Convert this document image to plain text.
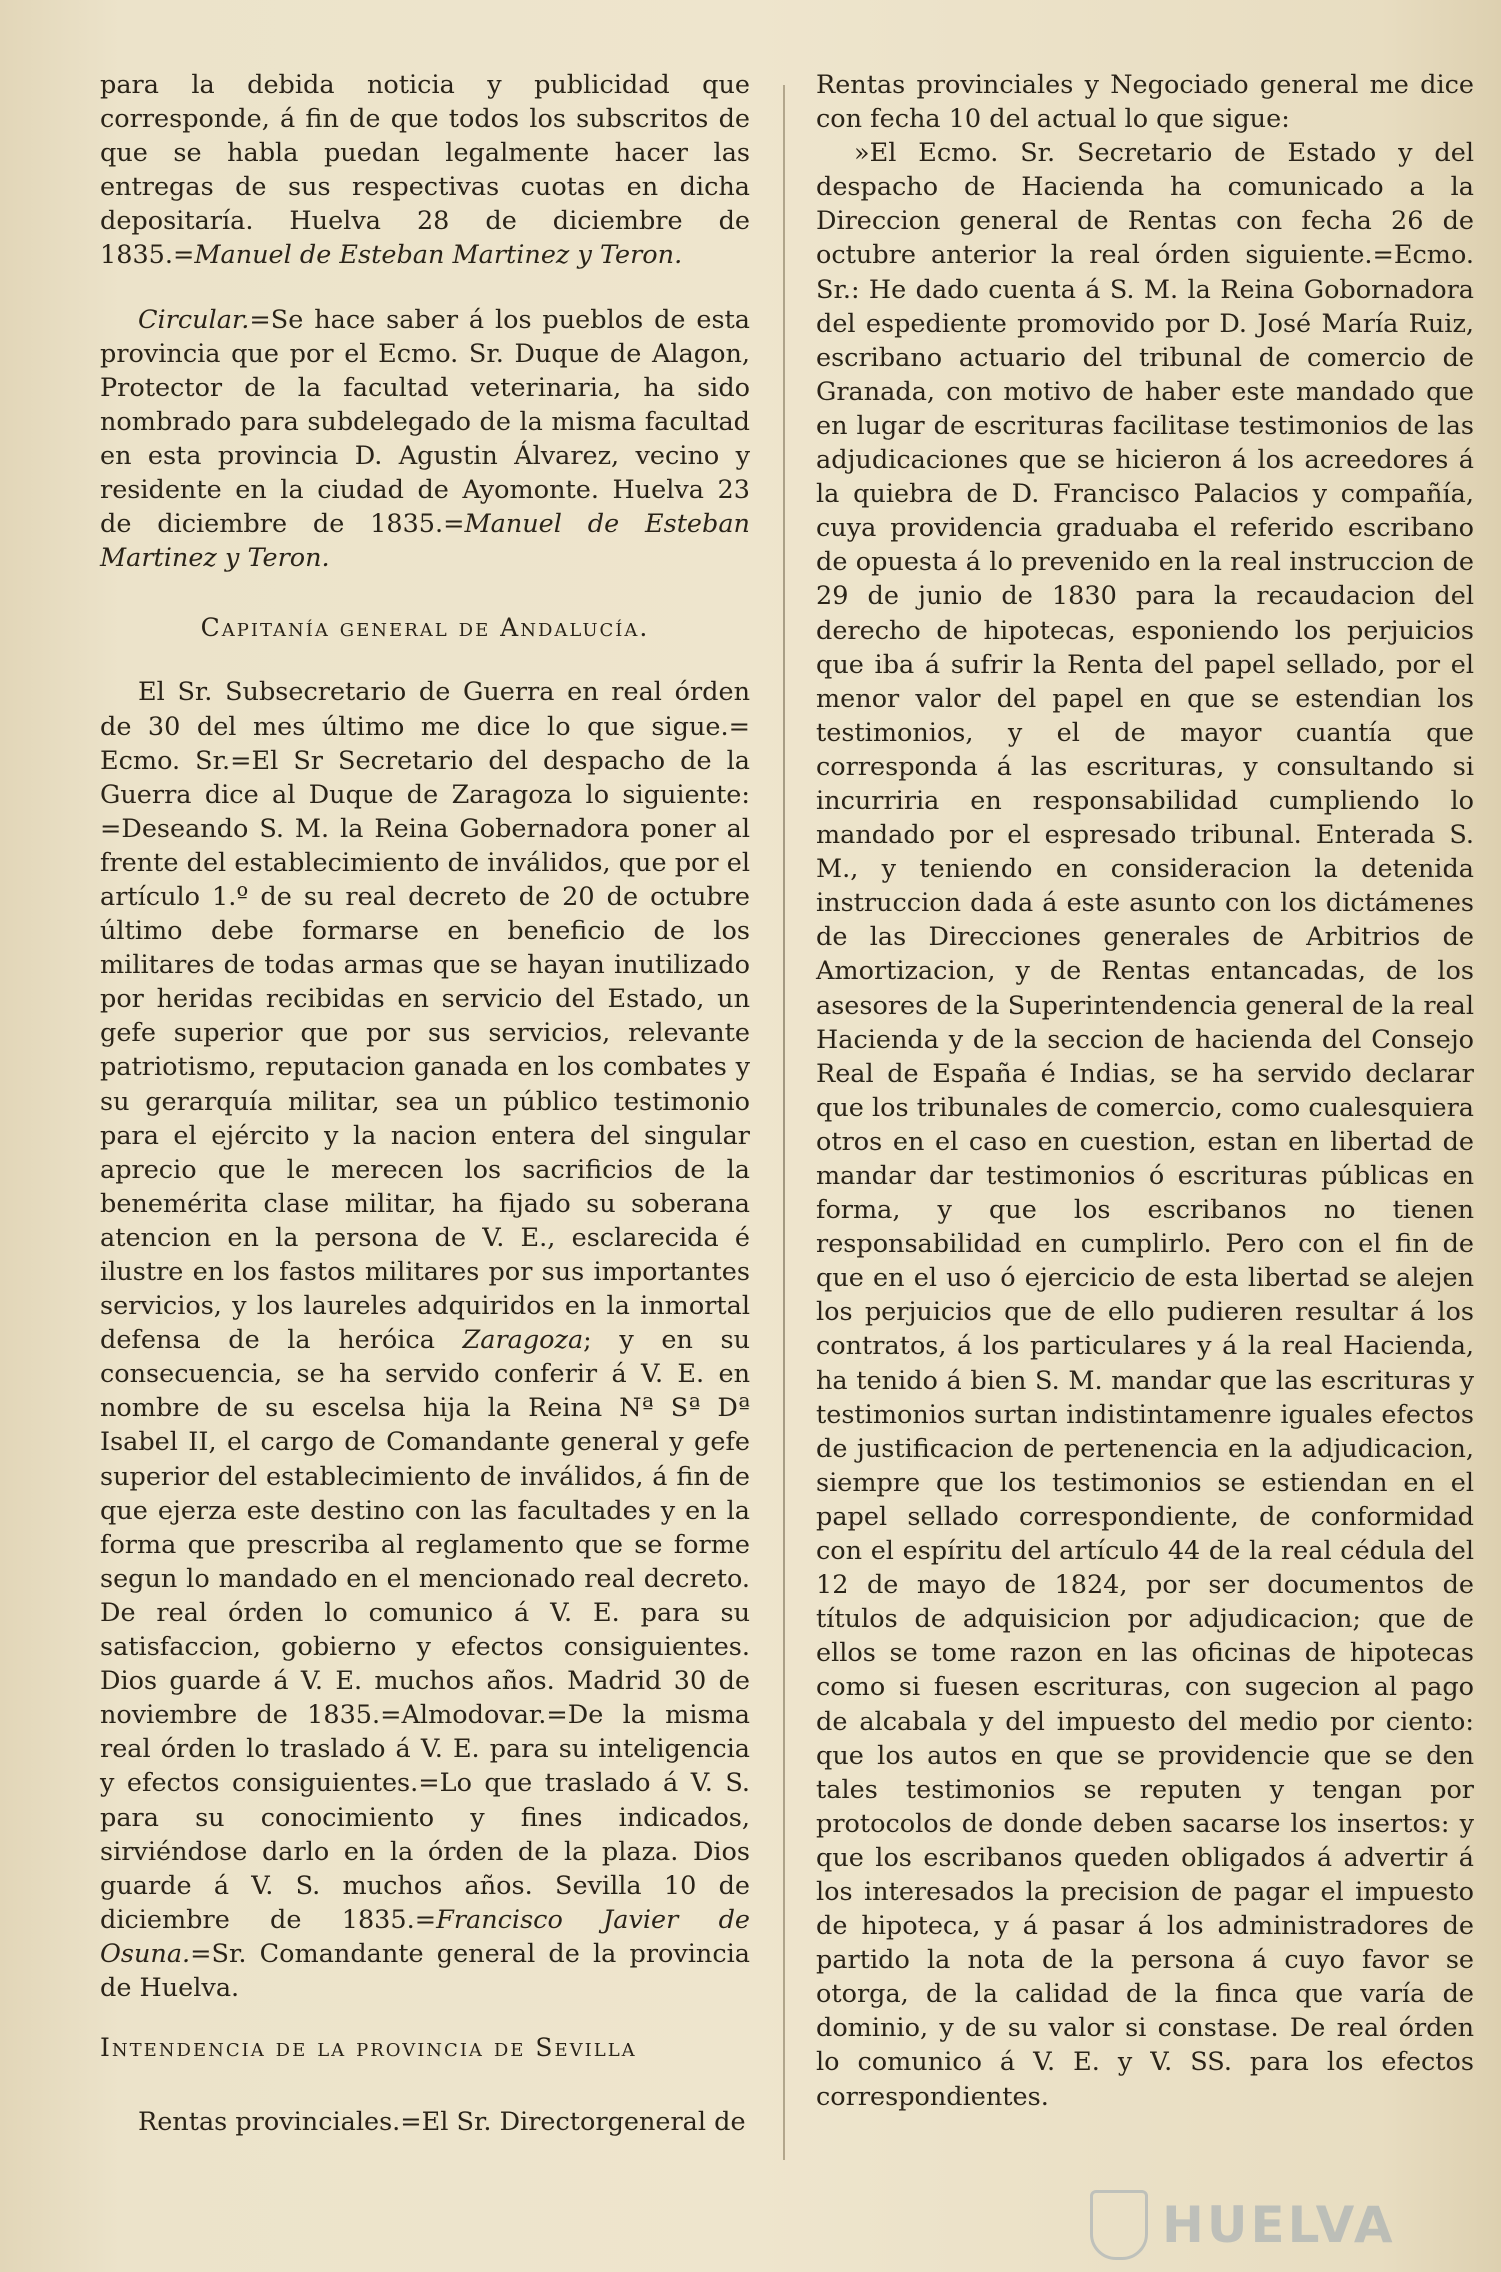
para la debida noticia y publicidad que corresponde, á fin de que todos los subscritos de que se habla puedan legalmente hacer las entregas de sus respectivas cuotas en dicha depositaría. Huelva 28 de diciembre de 1835.=Manuel de Esteban Martinez y Teron.

Circular.=Se hace saber á los pueblos de esta provincia que por el Ecmo. Sr. Duque de Alagon, Protector de la facultad veterinaria, ha sido nombrado para subdelegado de la misma facultad en esta provincia D. Agustin Álvarez, vecino y residente en la ciudad de Ayomonte. Huelva 23 de diciembre de 1835.=Manuel de Esteban Martinez y Teron.

Capitanía general de Andalucía.

El Sr. Subsecretario de Guerra en real órden de 30 del mes último me dice lo que sigue.= Ecmo. Sr.=El Sr Secretario del despacho de la Guerra dice al Duque de Zaragoza lo siguiente: =Deseando S. M. la Reina Gobernadora poner al frente del establecimiento de inválidos, que por el artículo 1.º de su real decreto de 20 de octubre último debe formarse en beneficio de los militares de todas armas que se hayan inutilizado por heridas recibidas en servicio del Estado, un gefe superior que por sus servicios, relevante patriotismo, reputacion ganada en los combates y su gerarquía militar, sea un público testimonio para el ejército y la nacion entera del singular aprecio que le merecen los sacrificios de la benemérita clase militar, ha fijado su soberana atencion en la persona de V. E., esclarecida é ilustre en los fastos militares por sus importantes servicios, y los laureles adquiridos en la inmortal defensa de la heróica Zaragoza; y en su consecuencia, se ha servido conferir á V. E. en nombre de su escelsa hija la Reina Nª Sª Dª Isabel II, el cargo de Comandante general y gefe superior del establecimiento de inválidos, á fin de que ejerza este destino con las facultades y en la forma que prescriba al reglamento que se forme segun lo mandado en el mencionado real decreto. De real órden lo comunico á V. E. para su satisfaccion, gobierno y efectos consiguientes. Dios guarde á V. E. muchos años. Madrid 30 de noviembre de 1835.=Almodovar.=De la misma real órden lo traslado á V. E. para su inteligencia y efectos consiguientes.=Lo que traslado á V. S. para su conocimiento y fines indicados, sirviéndose darlo en la órden de la plaza. Dios guarde á V. S. muchos años. Sevilla 10 de diciembre de 1835.=Francisco Javier de Osuna.=Sr. Comandante general de la provincia de Huelva.

Intendencia de la provincia de Sevilla

Rentas provinciales.=El Sr. Directorgeneral de

Rentas provinciales y Negociado general me dice con fecha 10 del actual lo que sigue:

»El Ecmo. Sr. Secretario de Estado y del despacho de Hacienda ha comunicado a la Direccion general de Rentas con fecha 26 de octubre anterior la real órden siguiente.=Ecmo. Sr.: He dado cuenta á S. M. la Reina Gobornadora del espediente promovido por D. José María Ruiz, escribano actuario del tribunal de comercio de Granada, con motivo de haber este mandado que en lugar de escrituras facilitase testimonios de las adjudicaciones que se hicieron á los acreedores á la quiebra de D. Francisco Palacios y compañía, cuya providencia graduaba el referido escribano de opuesta á lo prevenido en la real instruccion de 29 de junio de 1830 para la recaudacion del derecho de hipotecas, esponiendo los perjuicios que iba á sufrir la Renta del papel sellado, por el menor valor del papel en que se estendian los testimonios, y el de mayor cuantía que corresponda á las escrituras, y consultando si incurriria en responsabilidad cumpliendo lo mandado por el espresado tribunal. Enterada S. M., y teniendo en consideracion la detenida instruccion dada á este asunto con los dictámenes de las Direcciones generales de Arbitrios de Amortizacion, y de Rentas entancadas, de los asesores de la Superintendencia general de la real Hacienda y de la seccion de hacienda del Consejo Real de España é Indias, se ha servido declarar que los tribunales de comercio, como cualesquiera otros en el caso en cuestion, estan en libertad de mandar dar testimonios ó escrituras públicas en forma, y que los escribanos no tienen responsabilidad en cumplirlo. Pero con el fin de que en el uso ó ejercicio de esta libertad se alejen los perjuicios que de ello pudieren resultar á los contratos, á los particulares y á la real Hacienda, ha tenido á bien S. M. mandar que las escrituras y testimonios surtan indistintamenre iguales efectos de justificacion de pertenencia en la adjudicacion, siempre que los testimonios se estiendan en el papel sellado correspondiente, de conformidad con el espíritu del artículo 44 de la real cédula del 12 de mayo de 1824, por ser documentos de títulos de adquisicion por adjudicacion; que de ellos se tome razon en las oficinas de hipotecas como si fuesen escrituras, con sugecion al pago de alcabala y del impuesto del medio por ciento: que los autos en que se providencie que se den tales testimonios se reputen y tengan por protocolos de donde deben sacarse los insertos: y que los escribanos queden obligados á advertir á los interesados la precision de pagar el impuesto de hipoteca, y á pasar á los administradores de partido la nota de la persona á cuyo favor se otorga, de la calidad de la finca que varía de dominio, y de su valor si constase. De real órden lo comunico á V. E. y V. SS. para los efectos correspondientes.

HUELVA
